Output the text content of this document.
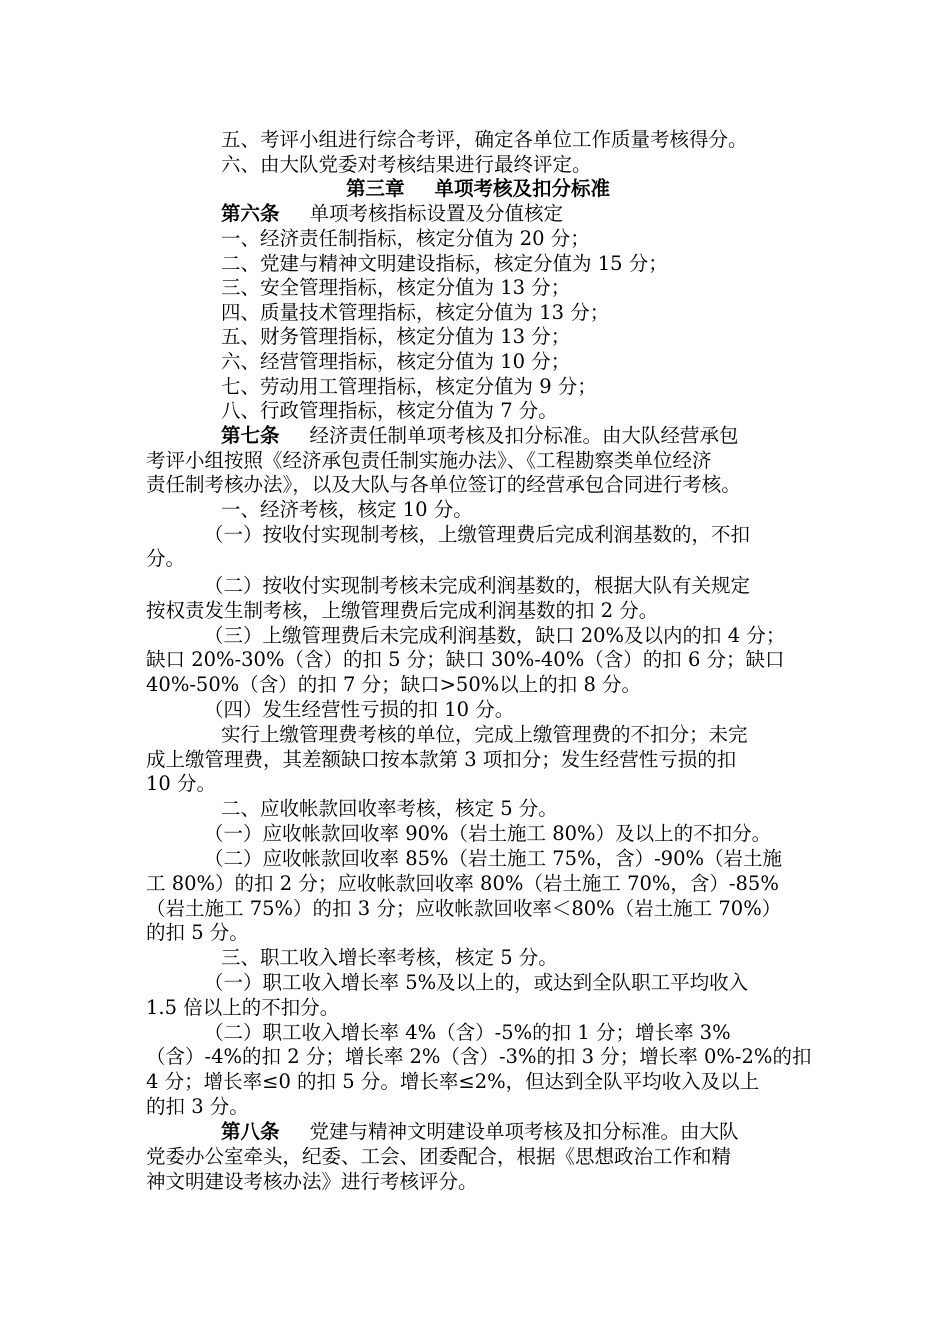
五、考评小组进行综合考评，确定各单位工作质量考核得分。
六、由大队党委对考核结果进行最终评定。
第三章 单项考核及扣分标准
第六条 单项考核指标设置及分值核定
一、经济责任制指标，核定分值为 20 分；
二、党建与精神文明建设指标，核定分值为 15 分；
三、安全管理指标，核定分值为 13 分；
四、质量技术管理指标，核定分值为 13 分；
五、财务管理指标，核定分值为 13 分；
六、经营管理指标，核定分值为 10 分；
七、劳动用工管理指标，核定分值为 9 分；
八、行政管理指标，核定分值为 7 分。
第七条 经济责任制单项考核及扣分标准。由大队经营承包
考评小组按照《经济承包责任制实施办法》、《工程勘察类单位经济
责任制考核办法》，以及大队与各单位签订的经营承包合同进行考核。
一、经济考核，核定 10 分。
（一）按收付实现制考核，上缴管理费后完成利润基数的，不扣
分。
（二）按收付实现制考核未完成利润基数的，根据大队有关规定
按权责发生制考核，上缴管理费后完成利润基数的扣 2 分。
（三）上缴管理费后未完成利润基数，缺口 20%及以内的扣 4 分；
缺口 20%-30%（含）的扣 5 分；缺口 30%-40%（含）的扣 6 分；缺口
40%-50%（含）的扣 7 分；缺口>50%以上的扣 8 分。
（四）发生经营性亏损的扣 10 分。
实行上缴管理费考核的单位，完成上缴管理费的不扣分；未完
成上缴管理费，其差额缺口按本款第 3 项扣分；发生经营性亏损的扣
10 分。
二、应收帐款回收率考核，核定 5 分。
（一）应收帐款回收率 90%（岩土施工 80%）及以上的不扣分。
（二）应收帐款回收率 85%（岩土施工 75%，含）-90%（岩土施
工 80%）的扣 2 分；应收帐款回收率 80%（岩土施工 70%，含）-85%
（岩土施工 75%）的扣 3 分；应收帐款回收率＜80%（岩土施工 70%）
的扣 5 分。
三、职工收入增长率考核，核定 5 分。
（一）职工收入增长率 5%及以上的，或达到全队职工平均收入
1.5 倍以上的不扣分。
（二）职工收入增长率 4%（含）-5%的扣 1 分；增长率 3%
（含）-4%的扣 2 分；增长率 2%（含）-3%的扣 3 分；增长率 0%-2%的扣
4 分；增长率≤0 的扣 5 分。增长率≤2%，但达到全队平均收入及以上
的扣 3 分。
第八条 党建与精神文明建设单项考核及扣分标准。由大队
党委办公室牵头，纪委、工会、团委配合，根据《思想政治工作和精
神文明建设考核办法》进行考核评分。
